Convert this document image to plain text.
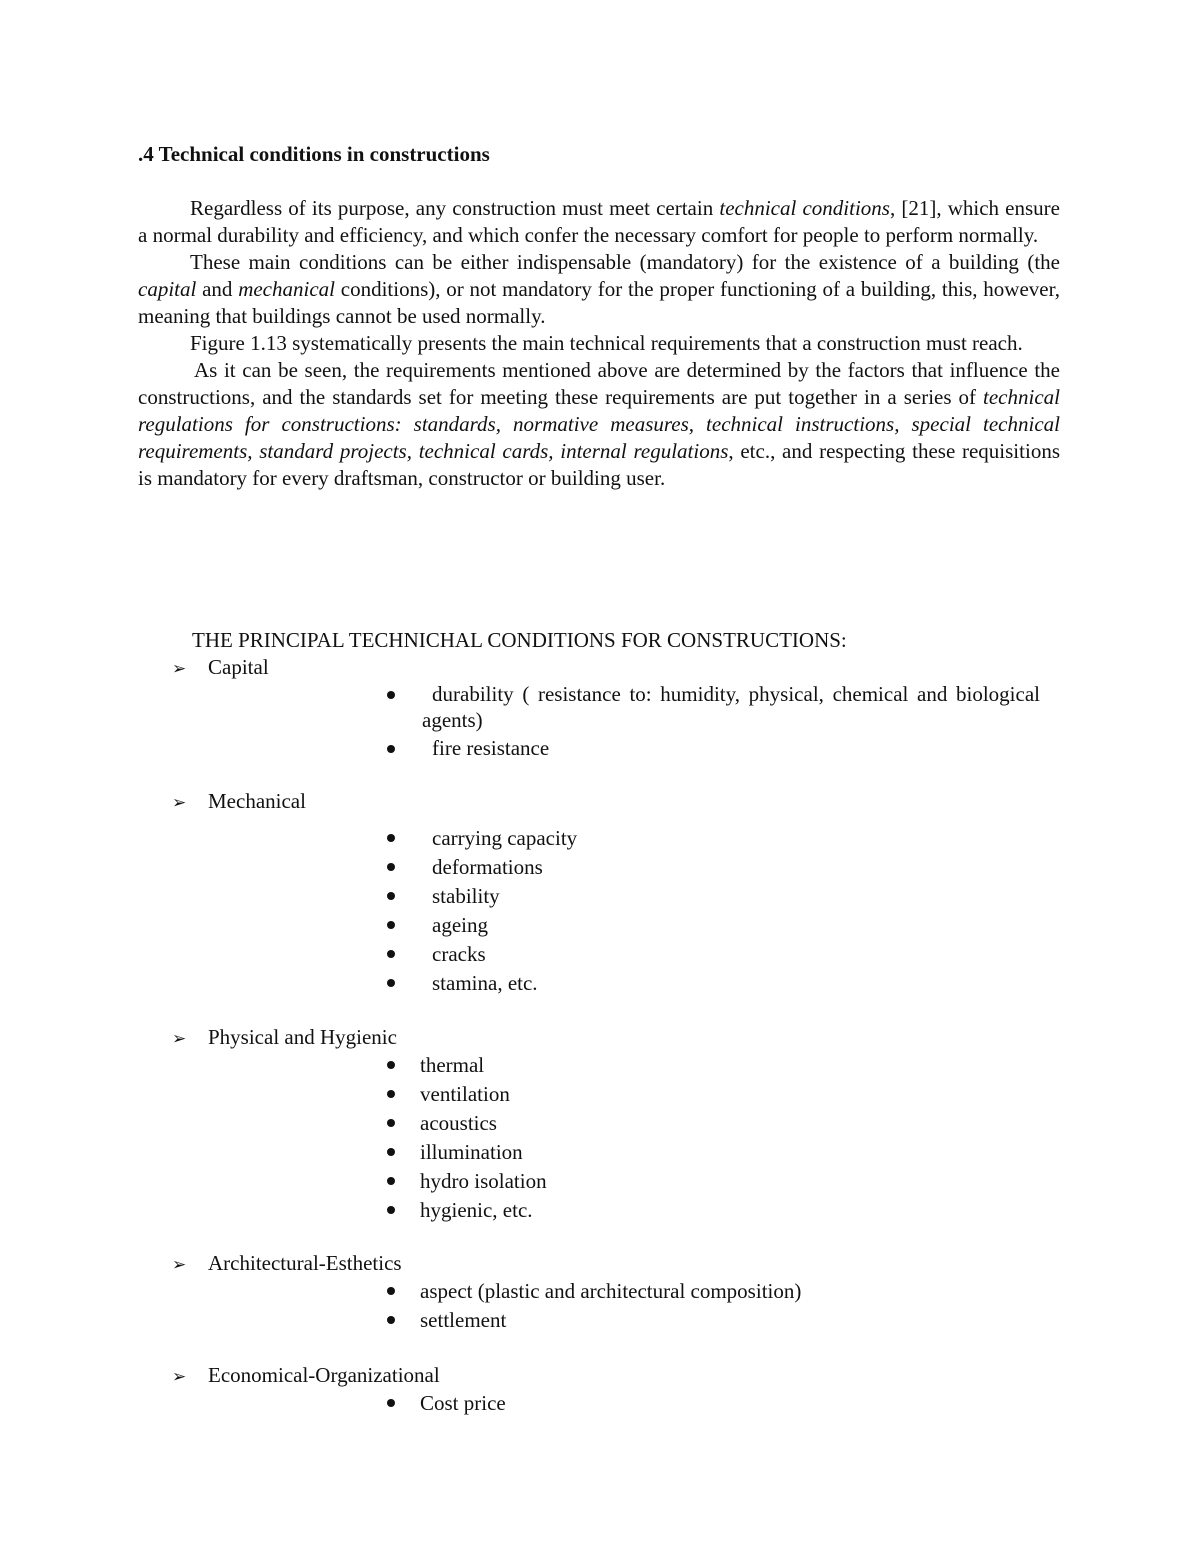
.4 Technical conditions in constructions

Regardless of its purpose, any construction must meet certain technical conditions, [21], which ensure a normal durability and efficiency, and which confer the necessary comfort for people to perform normally.

These main conditions can be either indispensable (mandatory) for the existence of a building (the capital and mechanical conditions), or not mandatory for the proper functioning of a building, this, however, meaning that buildings cannot be used normally.

Figure 1.13 systematically presents the main technical requirements that a construction must reach.

As it can be seen, the requirements mentioned above are determined by the factors that influence the constructions, and the standards set for meeting these requirements are put together in a series of technical regulations for constructions: standards, normative measures, technical instructions, special technical requirements, standard projects, technical cards, internal regulations, etc., and respecting these requisitions is mandatory for every draftsman, constructor or building user.

THE PRINCIPAL TECHNICHAL CONDITIONS FOR CONSTRUCTIONS:
➢ Capital
durability ( resistance to: humidity, physical, chemical and biological agents)
fire resistance
➢ Mechanical
carrying capacity
deformations
stability
ageing
cracks
stamina, etc.
➢ Physical and Hygienic
thermal
ventilation
acoustics
illumination
hydro isolation
hygienic, etc.
➢ Architectural-Esthetics
aspect (plastic and architectural composition)
settlement
➢ Economical-Organizational
Cost price
